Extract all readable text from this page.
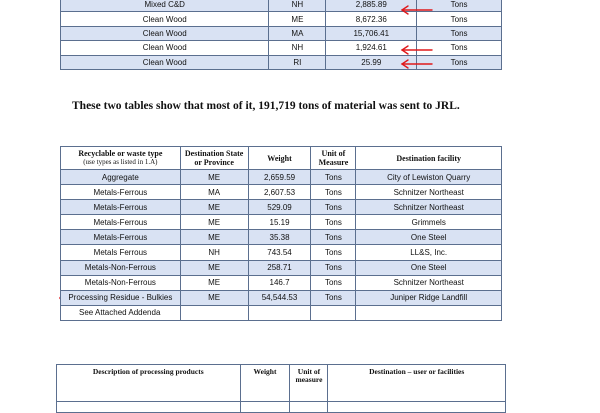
Mixed C&D	NH	2,885.89	Tons
Clean Wood	ME	8,672.36	Tons
Clean Wood	MA	15,706.41	Tons
Clean Wood	NH	1,924.61	Tons
Clean Wood	RI	25.99	Tons
These two tables show that most of it, 191,719 tons of material was sent to JRL.
Recyclable or waste type
(use types as listed in 1.A)	Destination State or Province	Weight	Unit of Measure	Destination facility
Aggregate	ME	2,659.59	Tons	City of Lewiston Quarry
Metals-Ferrous	MA	2,607.53	Tons	Schnitzer Northeast
Metals-Ferrous	ME	529.09	Tons	Schnitzer Northeast
Metals-Ferrous	ME	15.19	Tons	Grimmels
Metals-Ferrous	ME	35.38	Tons	One Steel
Metals Ferrous	NH	743.54	Tons	LL&S, Inc.
Metals-Non-Ferrous	ME	258.71	Tons	One Steel
Metals-Non-Ferrous	ME	146.7	Tons	Schnitzer Northeast
Processing Residue - Bulkies	ME	54,544.53	Tons	Juniper Ridge Landfill
See Attached Addenda				
Description of processing products	Weight	Unit of measure	Destination – user or facilities
